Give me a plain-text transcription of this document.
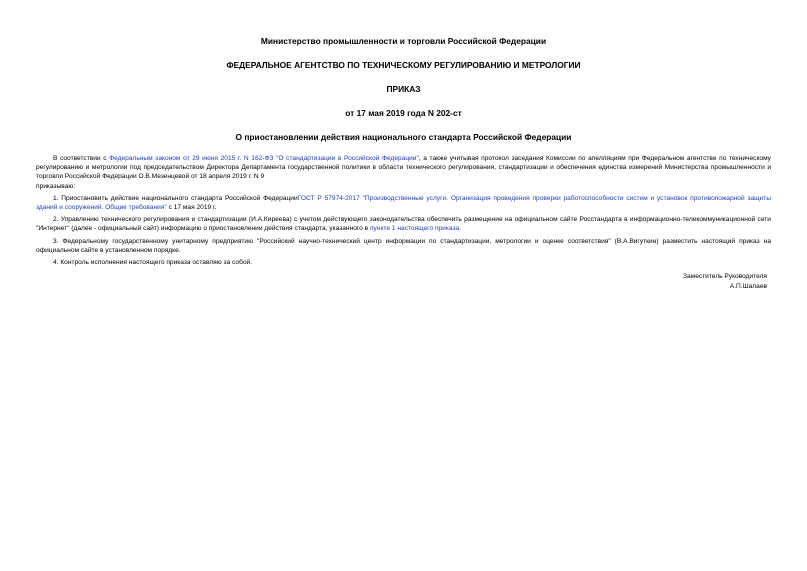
Министерство промышленности и торговли Российской Федерации
ФЕДЕРАЛЬНОЕ АГЕНТСТВО ПО ТЕХНИЧЕСКОМУ РЕГУЛИРОВАНИЮ И МЕТРОЛОГИИ
ПРИКАЗ
от 17 мая 2019 года N 202-ст
О приостановлении действия национального стандарта Российской Федерации

В соответствии с Федеральным законом от 29 июня 2015 г. N 162-ФЗ "О стандартизации в Российской Федерации", а также учитывая протокол заседания Комиссии по апелляциям при Федеральном агентстве по техническому регулированию и метрологии под председательством Директора Департамента государственной политики в области технического регулирования, стандартизации и обеспечения единства измерений Министерства промышленности и торговли Российской Федерации О.В.Мезенцевой от 18 апреля 2019 г. N 9

приказываю:

1. Приостановить действие национального стандарта Российской ФедерацииГОСТ Р 57974-2017 "Производственные услуги. Организация проведения проверки работоспособности систем и установок противопожарной защиты зданий и сооружений. Общие требования" с 17 мая 2019 г.

2. Управлению технического регулирования и стандартизации (И.А.Киреева) с учетом действующего законодательства обеспечить размещение на официальном сайте Росстандарта в информационно-телекоммуникационной сети "Интернет" (далее - официальный сайт) информацию о приостановлении действия стандарта, указанного в пункте 1 настоящего приказа.

3. Федеральному государственному унитарному предприятию "Российский научно-технический центр информации по стандартизации, метрологии и оценке соответствия" (В.А.Вигуткин) разместить настоящий приказ на официальном сайте в установленном порядке.

4. Контроль исполнения настоящего приказа оставляю за собой.

Заместитель Руководителя
А.П.Шалаев
